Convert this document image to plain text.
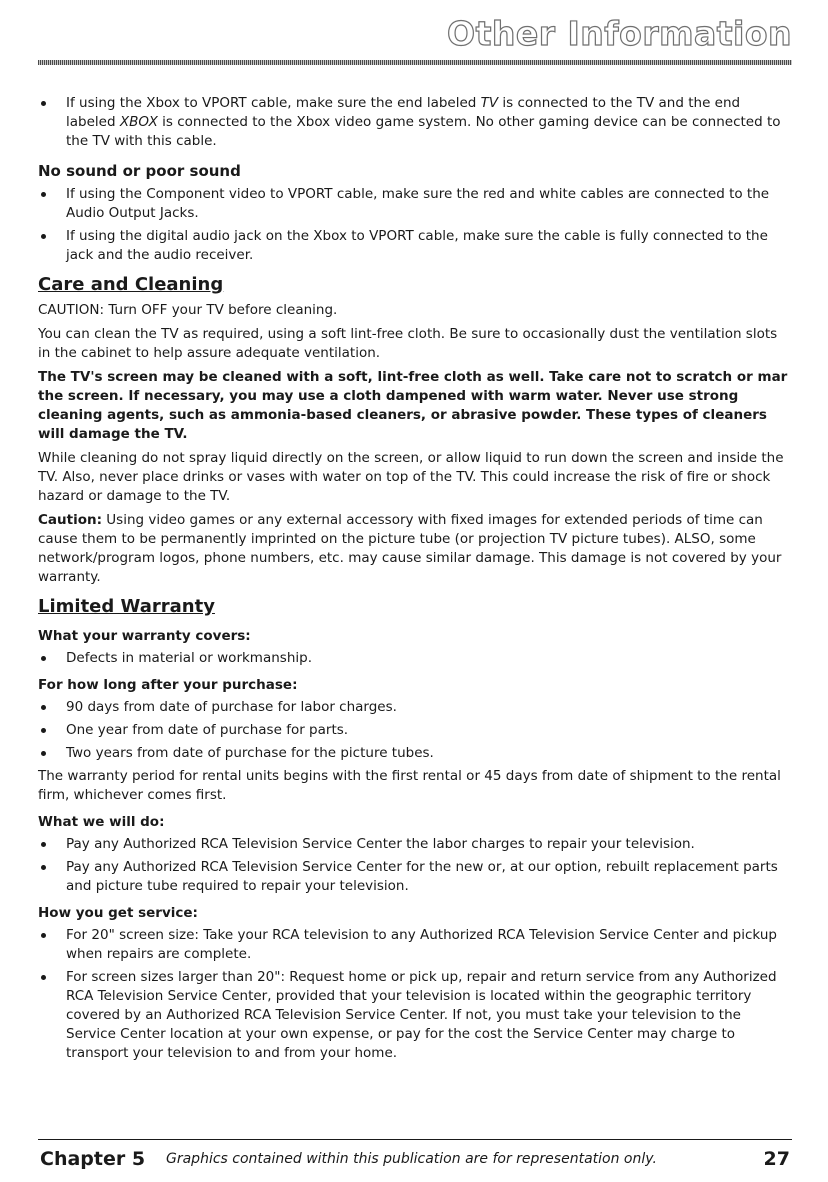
Other Information
If using the Xbox to VPORT cable, make sure the end labeled TV is connected to the TV and the end labeled XBOX is connected to the Xbox video game system. No other gaming device can be connected to the TV with this cable.
No sound or poor sound
If using the Component video to VPORT cable, make sure the red and white cables are connected to the Audio Output Jacks.
If using the digital audio jack on the Xbox to VPORT cable, make sure the cable is fully connected to the jack and the audio receiver.
Care and Cleaning

CAUTION: Turn OFF your TV before cleaning.

You can clean the TV as required, using a soft lint-free cloth. Be sure to occasionally dust the ventilation slots in the cabinet to help assure adequate ventilation.

The TV's screen may be cleaned with a soft, lint-free cloth as well. Take care not to scratch or mar the screen. If necessary, you may use a cloth dampened with warm water. Never use strong cleaning agents, such as ammonia-based cleaners, or abrasive powder. These types of cleaners will damage the TV.

While cleaning do not spray liquid directly on the screen, or allow liquid to run down the screen and inside the TV. Also, never place drinks or vases with water on top of the TV. This could increase the risk of fire or shock hazard or damage to the TV.

Caution: Using video games or any external accessory with fixed images for extended periods of time can cause them to be permanently imprinted on the picture tube (or projection TV picture tubes). ALSO, some network/program logos, phone numbers, etc. may cause similar damage. This damage is not covered by your warranty.

Limited Warranty
What your warranty covers:
Defects in material or workmanship.
For how long after your purchase:
90 days from date of purchase for labor charges.
One year from date of purchase for parts.
Two years from date of purchase for the picture tubes.

The warranty period for rental units begins with the first rental or 45 days from date of shipment to the rental firm, whichever comes first.

What we will do:
Pay any Authorized RCA Television Service Center the labor charges to repair your television.
Pay any Authorized RCA Television Service Center for the new or, at our option, rebuilt replacement parts and picture tube required to repair your television.
How you get service:
For 20" screen size: Take your RCA television to any Authorized RCA Television Service Center and pickup when repairs are complete.
For screen sizes larger than 20": Request home or pick up, repair and return service from any Authorized RCA Television Service Center, provided that your television is located within the geographic territory covered by an Authorized RCA Television Service Center. If not, you must take your television to the Service Center location at your own expense, or pay for the cost the Service Center may charge to transport your television to and from your home.
Chapter 5 Graphics contained within this publication are for representation only.	27
